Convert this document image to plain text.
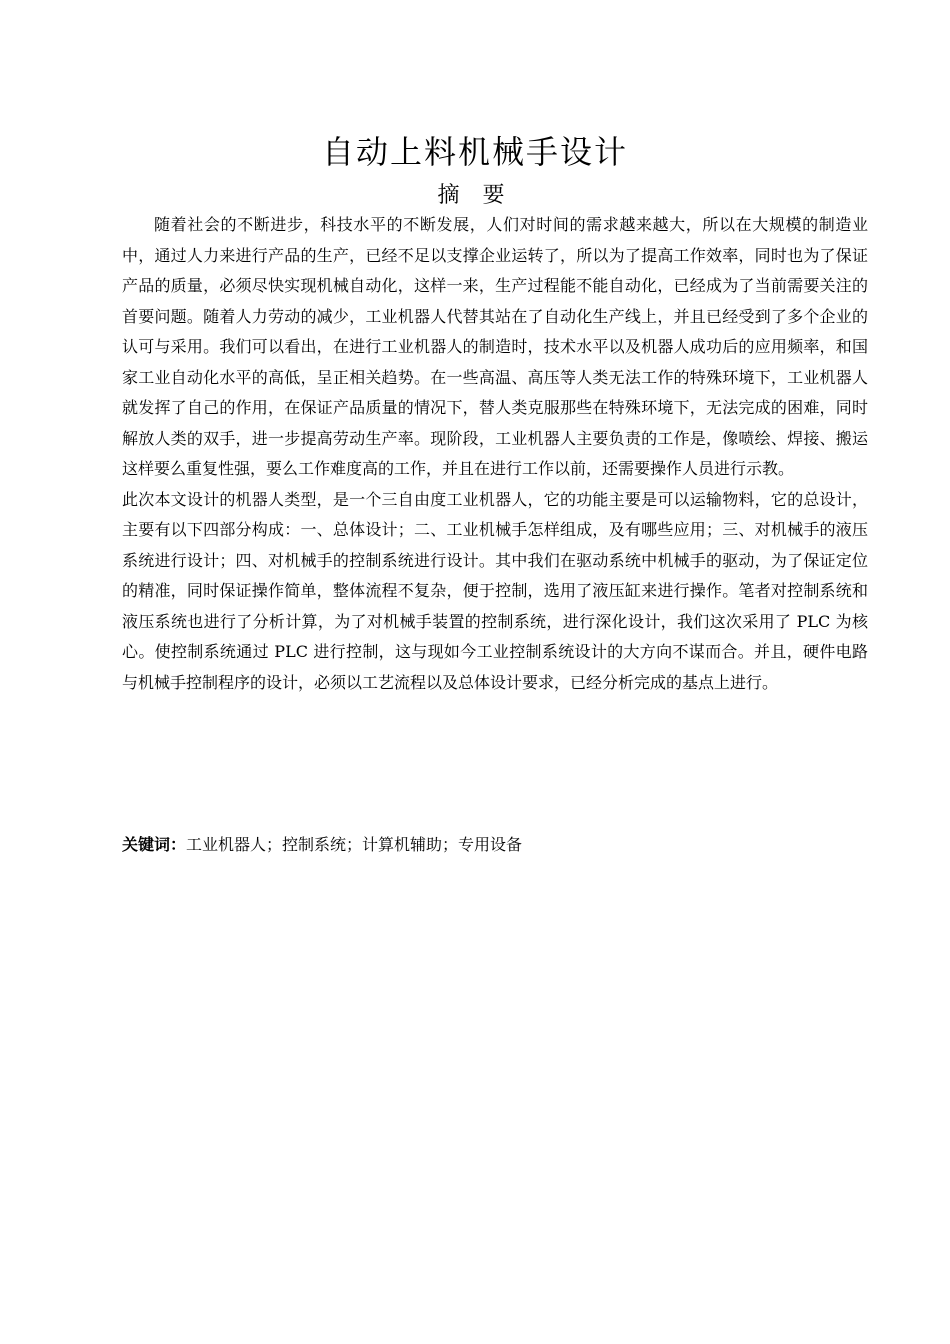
自动上料机械手设计
摘 要

随着社会的不断进步，科技水平的不断发展，人们对时间的需求越来越大，所以在大规模的制造业中，通过人力来进行产品的生产，已经不足以支撑企业运转了，所以为了提高工作效率，同时也为了保证产品的质量，必须尽快实现机械自动化，这样一来，生产过程能不能自动化，已经成为了当前需要关注的首要问题。随着人力劳动的减少，工业机器人代替其站在了自动化生产线上，并且已经受到了多个企业的认可与采用。我们可以看出，在进行工业机器人的制造时，技术水平以及机器人成功后的应用频率，和国家工业自动化水平的高低，呈正相关趋势。在一些高温、高压等人类无法工作的特殊环境下，工业机器人就发挥了自己的作用，在保证产品质量的情况下，替人类克服那些在特殊环境下，无法完成的困难，同时解放人类的双手，进一步提高劳动生产率。现阶段，工业机器人主要负责的工作是，像喷绘、焊接、搬运这样要么重复性强，要么工作难度高的工作，并且在进行工作以前，还需要操作人员进行示教。

此次本文设计的机器人类型，是一个三自由度工业机器人，它的功能主要是可以运输物料，它的总设计，主要有以下四部分构成：一、总体设计；二、工业机械手怎样组成，及有哪些应用；三、对机械手的液压系统进行设计；四、对机械手的控制系统进行设计。其中我们在驱动系统中机械手的驱动，为了保证定位的精准，同时保证操作简单，整体流程不复杂，便于控制，选用了液压缸来进行操作。笔者对控制系统和液压系统也进行了分析计算，为了对机械手装置的控制系统，进行深化设计，我们这次采用了 PLC 为核心。使控制系统通过 PLC 进行控制，这与现如今工业控制系统设计的大方向不谋而合。并且，硬件电路与机械手控制程序的设计，必须以工艺流程以及总体设计要求，已经分析完成的基点上进行。

关键词：工业机器人；控制系统；计算机辅助；专用设备
